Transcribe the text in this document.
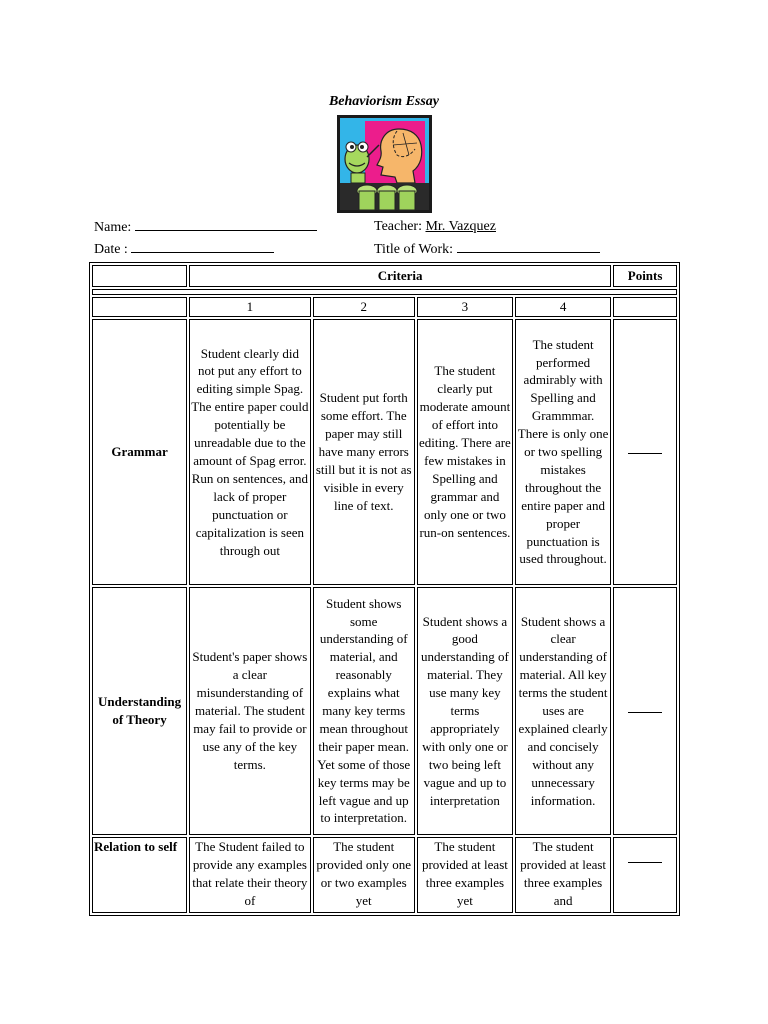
Behaviorism Essay
Name:	Teacher: Mr. Vazquez
Date :	Title of Work:
	Criteria				Points

	1	2	3	4	
Grammar	Student clearly did not put any effort to editing simple Spag. The entire paper could potentially be unreadable due to the amount of Spag error. Run on sentences, and lack of proper punctuation or capitalization is seen through out	Student put forth some effort. The paper may still have many errors still but it is not as visible in every line of text.	The student clearly put moderate amount of effort into editing. There are few mistakes in Spelling and grammar and only one or two run-on sentences.	The student performed admirably with Spelling and Grammmar. There is only one or two spelling mistakes throughout the entire paper and proper punctuation is used throughout.	
Understanding of Theory	Student's paper shows a clear misunderstanding of material. The student may fail to provide or use any of the key terms.	Student shows some understanding of material, and reasonably explains what many key terms mean throughout their paper mean. Yet some of those key terms may be left vague and up to interpretation.	Student shows a good understanding of material. They use many key terms appropriately with only one or two being left vague and up to interpretation	Student shows a clear understanding of material. All key terms the student uses are explained clearly and concisely without any unnecessary information.	
Relation to self	The Student failed to provide any examples that relate their theory of	The student provided only one or two examples yet	The student provided at least three examples yet	The student provided at least three examples and	
